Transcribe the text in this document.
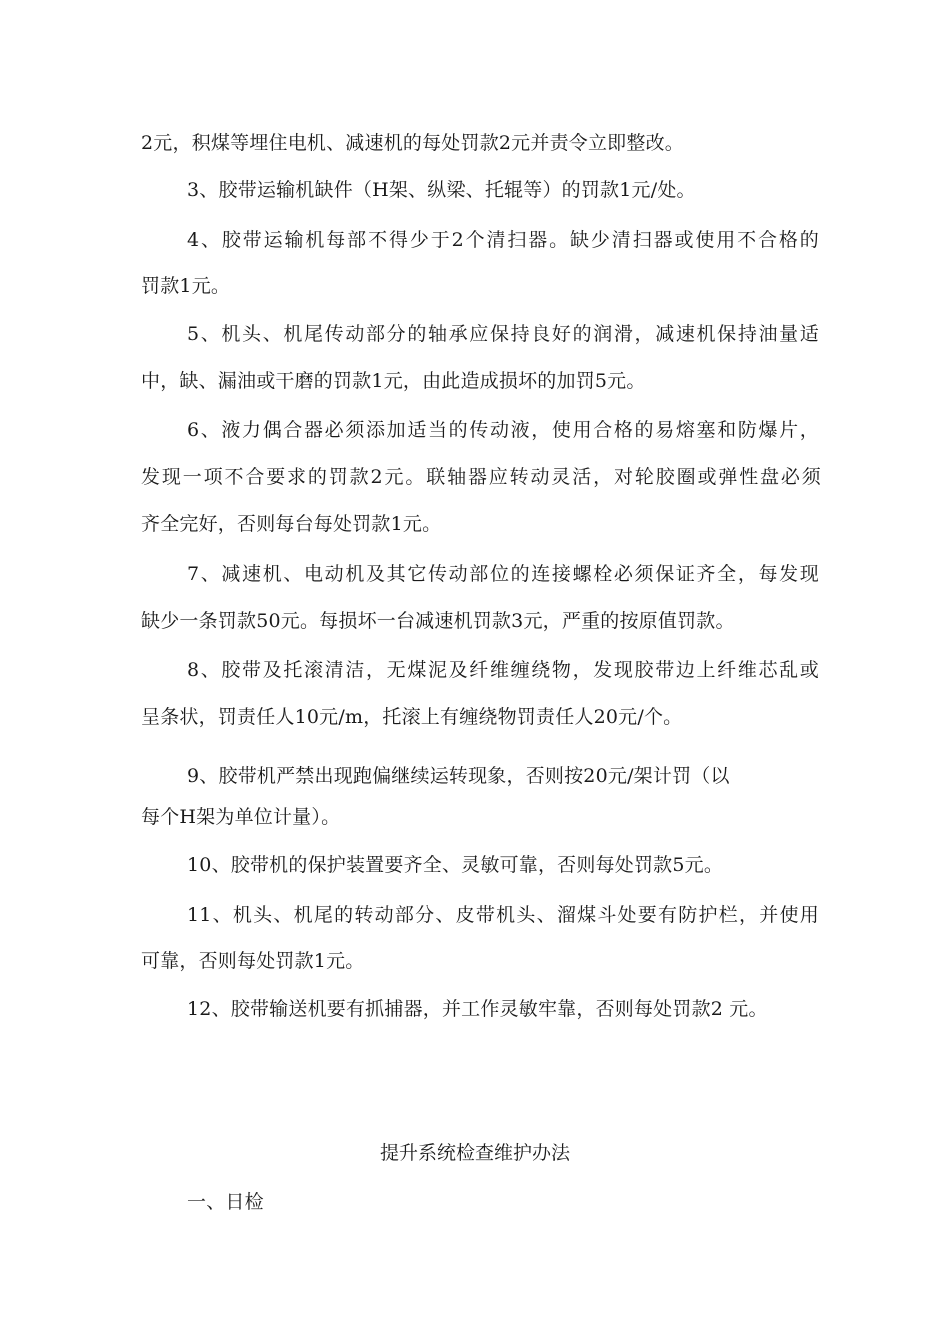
2元，积煤等埋住电机、减速机的每处罚款2元并责令立即整改。
3、胶带运输机缺件（H架、纵梁、托辊等）的罚款1元/处。
4、胶带运输机每部不得少于2个清扫器。缺少清扫器或使用不合格的
罚款1元。
5、机头、机尾传动部分的轴承应保持良好的润滑，减速机保持油量适
中，缺、漏油或干磨的罚款1元，由此造成损坏的加罚5元。
6、液力偶合器必须添加适当的传动液，使用合格的易熔塞和防爆片，
发现一项不合要求的罚款2元。联轴器应转动灵活，对轮胶圈或弹性盘必须
齐全完好，否则每台每处罚款1元。
7、减速机、电动机及其它传动部位的连接螺栓必须保证齐全，每发现
缺少一条罚款50元。每损坏一台减速机罚款3元，严重的按原值罚款。
8、胶带及托滚清洁，无煤泥及纤维缠绕物，发现胶带边上纤维芯乱或
呈条状，罚责任人10元/m，托滚上有缠绕物罚责任人20元/个。
9、胶带机严禁出现跑偏继续运转现象，否则按20元/架计罚（以
每个H架为单位计量）。
10、胶带机的保护装置要齐全、灵敏可靠，否则每处罚款5元。
11、机头、机尾的转动部分、皮带机头、溜煤斗处要有防护栏，并使用
可靠，否则每处罚款1元。
12、胶带输送机要有抓捕器，并工作灵敏牢靠，否则每处罚款2 元。
提升系统检查维护办法
一、日检
